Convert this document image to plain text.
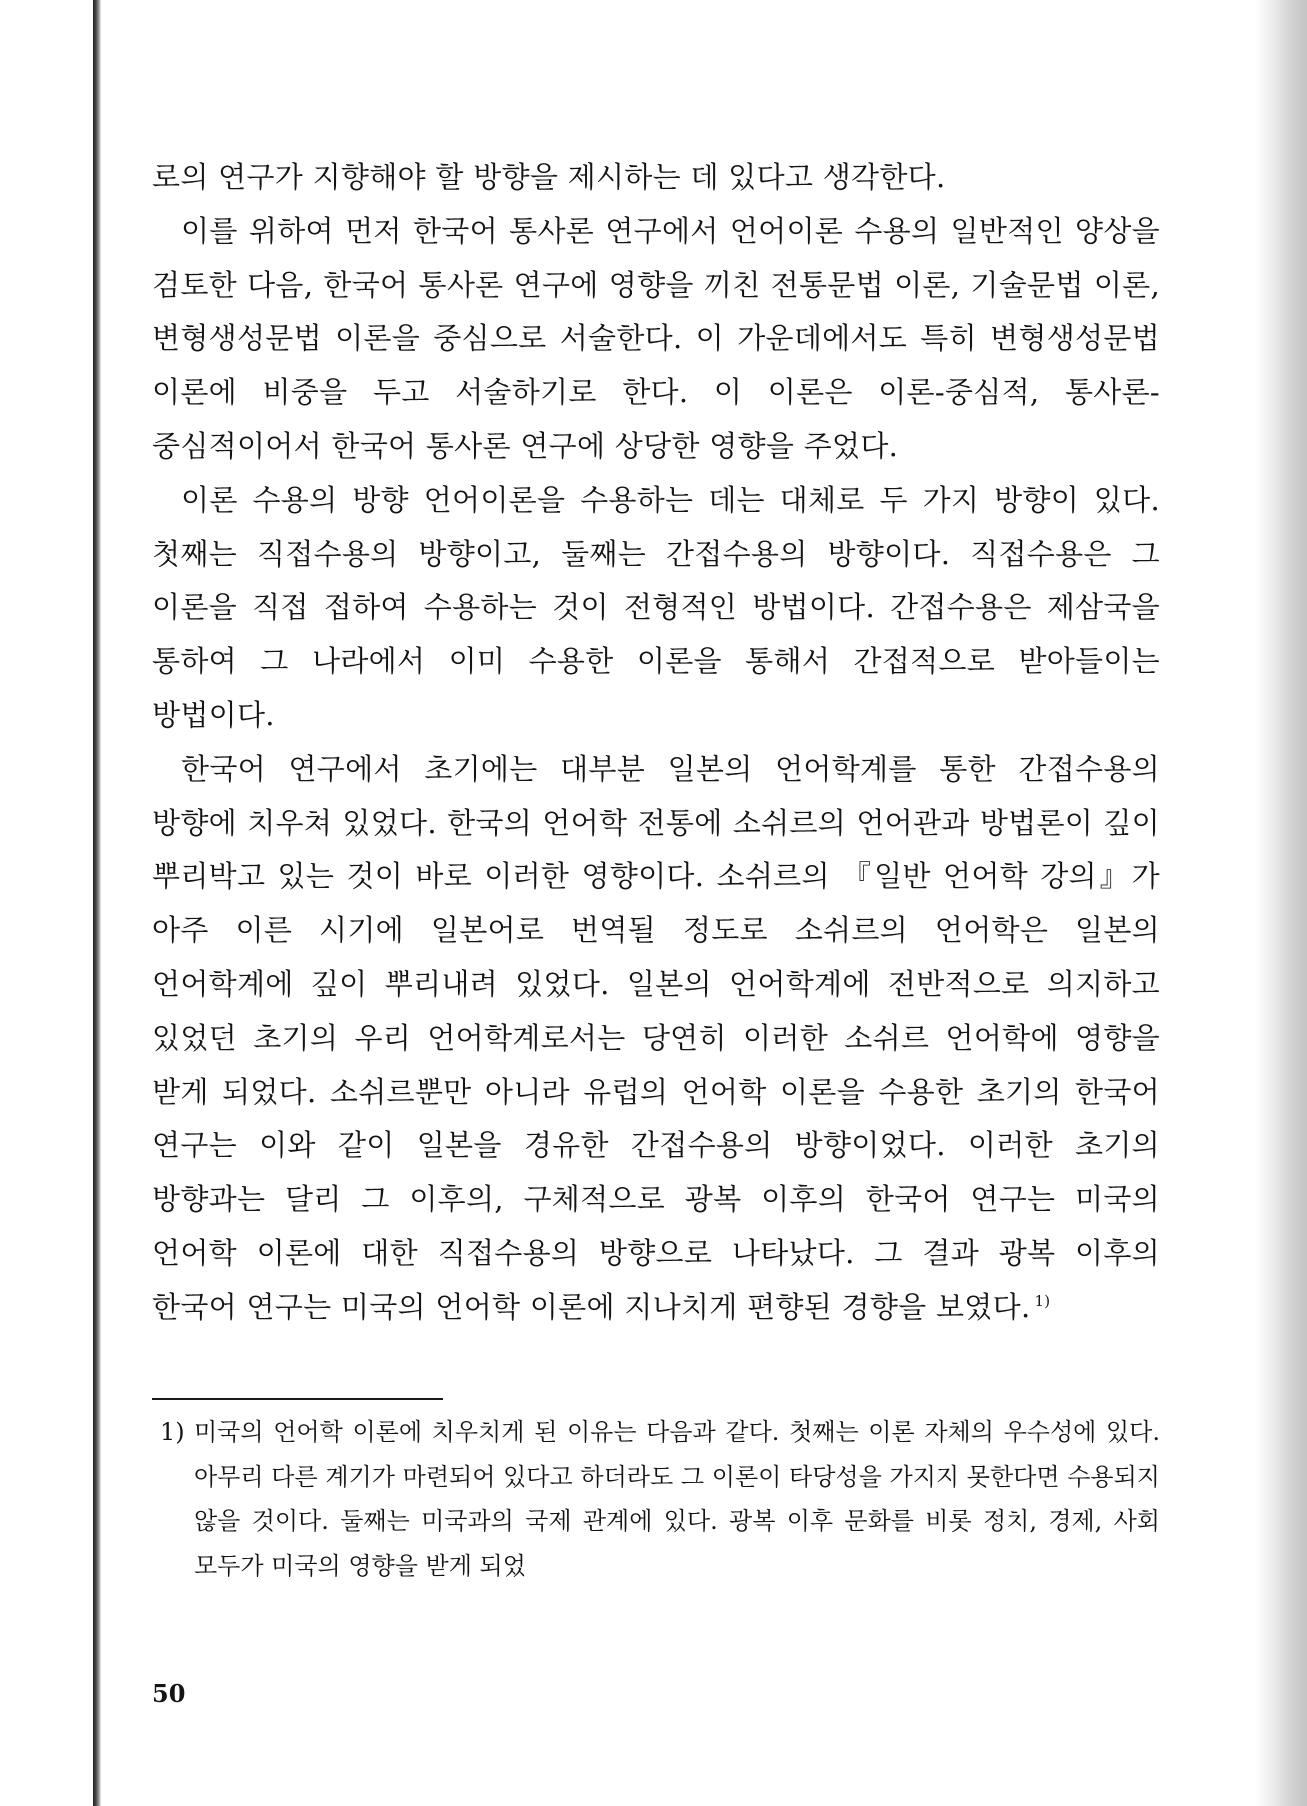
로의 연구가 지향해야 할 방향을 제시하는 데 있다고 생각한다.

이를 위하여 먼저 한국어 통사론 연구에서 언어이론 수용의 일반적인 양상을 검토한 다음, 한국어 통사론 연구에 영향을 끼친 전통문법 이론, 기술문법 이론, 변형생성문법 이론을 중심으로 서술한다. 이 가운데에서도 특히 변형생성문법 이론에 비중을 두고 서술하기로 한다. 이 이론은 이론-중심적, 통사론-중심적이어서 한국어 통사론 연구에 상당한 영향을 주었다.

이론 수용의 방향 언어이론을 수용하는 데는 대체로 두 가지 방향이 있다. 첫째는 직접수용의 방향이고, 둘째는 간접수용의 방향이다. 직접수용은 그 이론을 직접 접하여 수용하는 것이 전형적인 방법이다. 간접수용은 제삼국을 통하여 그 나라에서 이미 수용한 이론을 통해서 간접적으로 받아들이는 방법이다.

한국어 연구에서 초기에는 대부분 일본의 언어학계를 통한 간접수용의 방향에 치우쳐 있었다. 한국의 언어학 전통에 소쉬르의 언어관과 방법론이 깊이 뿌리박고 있는 것이 바로 이러한 영향이다. 소쉬르의 『일반 언어학 강의』가 아주 이른 시기에 일본어로 번역될 정도로 소쉬르의 언어학은 일본의 언어학계에 깊이 뿌리내려 있었다. 일본의 언어학계에 전반적으로 의지하고 있었던 초기의 우리 언어학계로서는 당연히 이러한 소쉬르 언어학에 영향을 받게 되었다. 소쉬르뿐만 아니라 유럽의 언어학 이론을 수용한 초기의 한국어 연구는 이와 같이 일본을 경유한 간접수용의 방향이었다. 이러한 초기의 방향과는 달리 그 이후의, 구체적으로 광복 이후의 한국어 연구는 미국의 언어학 이론에 대한 직접수용의 방향으로 나타났다. 그 결과 광복 이후의 한국어 연구는 미국의 언어학 이론에 지나치게 편향된 경향을 보였다. $^{1)}$

1) 미국의 언어학 이론에 치우치게 된 이유는 다음과 같다. 첫째는 이론 자체의 우수성에 있다. 아무리 다른 계기가 마련되어 있다고 하더라도 그 이론이 타당성을 가지지 못한다면 수용되지 않을 것이다. 둘째는 미국과의 국제 관계에 있다. 광복 이후 문화를 비롯 정치, 경제, 사회 모두가 미국의 영향을 받게 되었

50
